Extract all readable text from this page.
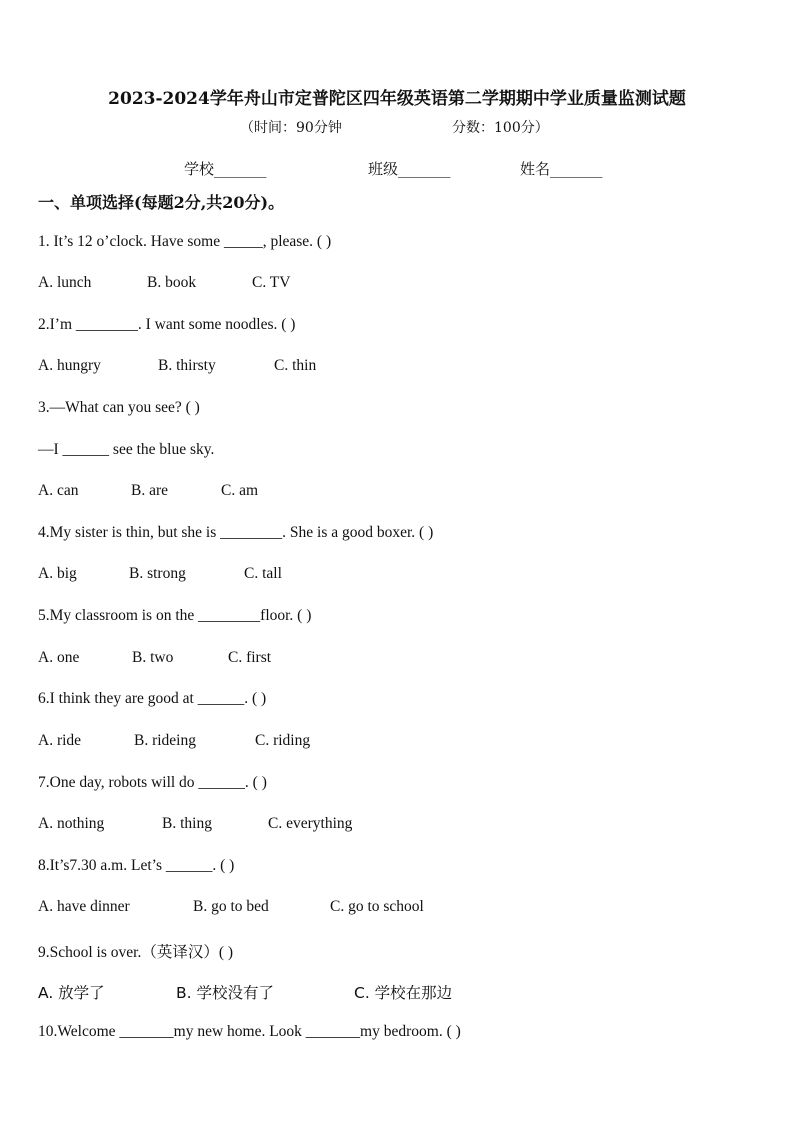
2023-2024学年舟山市定普陀区四年级英语第二学期期中学业质量监测试题
（时间：90分钟	分数：100分）
学校_______	班级_______	姓名_______
一、单项选择(每题2分,共20分)。
1. It’s 12 o’clock. Have some _____, please. ( )
A. lunch	B. book	C. TV
2.I’m ________. I want some noodles. ( )
A. hungry	B. thirsty	C. thin
3.—What can you see? ( )
—I ______ see the blue sky.
A. can	B. are	C. am
4.My sister is thin, but she is ________. She is a good boxer. ( )
A. big	B. strong	C. tall
5.My classroom is on the ________floor. ( )
A. one	B. two	C. first
6.I think they are good at ______. ( )
A. ride	B. rideing	C. riding
7.One day, robots will do ______. ( )
A. nothing	B. thing	C. everything
8.It’s7.30 a.m. Let’s ______. ( )
A. have dinner	B. go to bed	C. go to school
9.School is over.（英译汉）( )
A. 放学了	B. 学校没有了	C. 学校在那边
10.Welcome _______my new home. Look _______my bedroom. ( )
